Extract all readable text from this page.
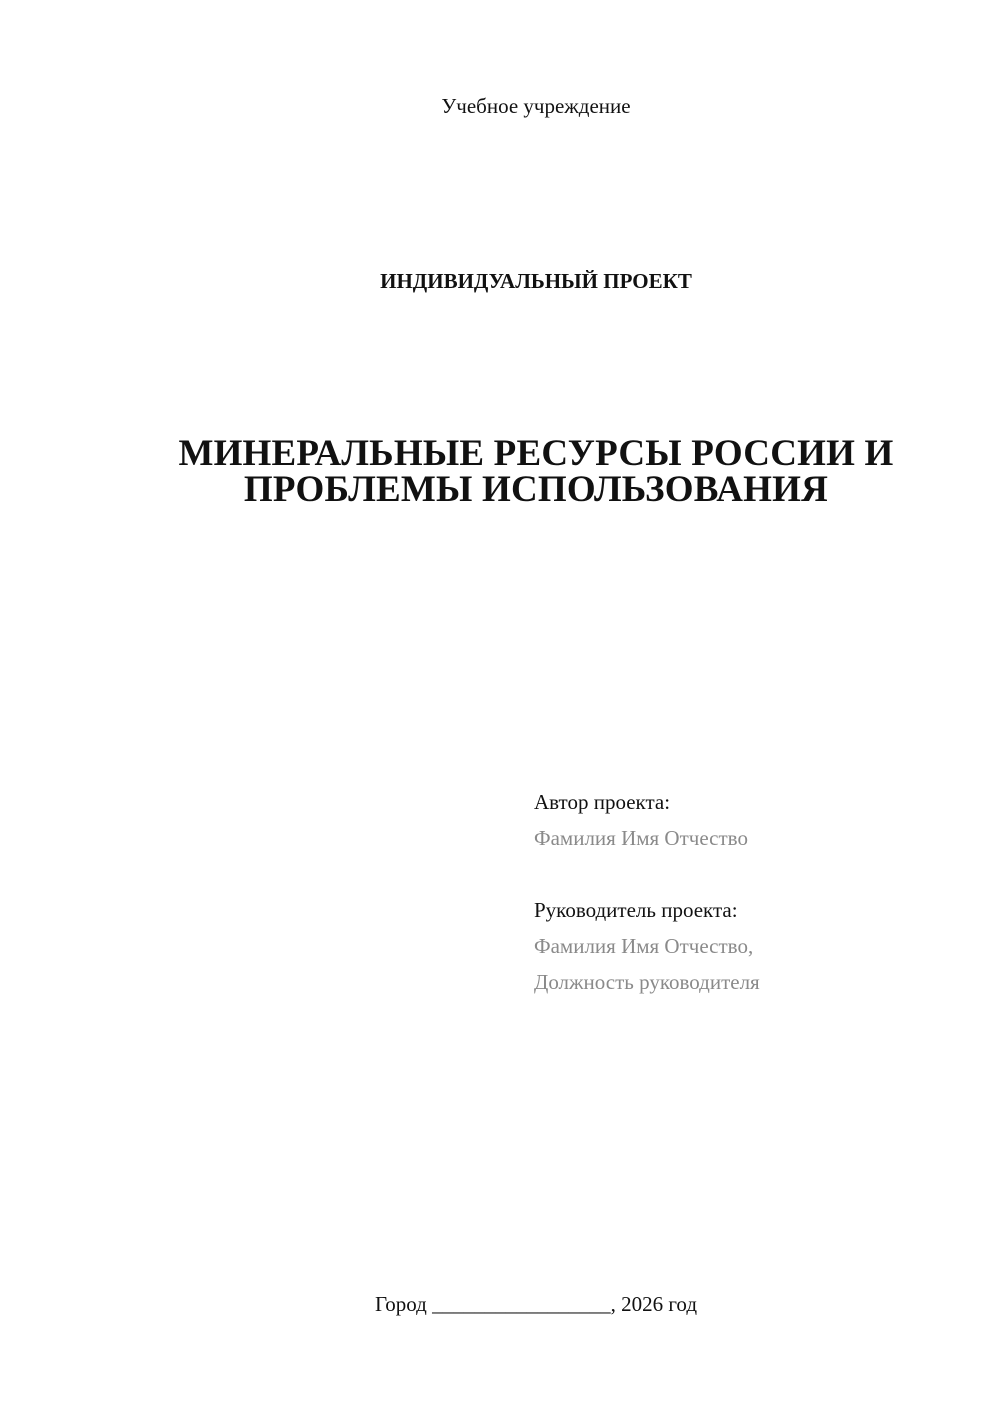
Учебное учреждение
ИНДИВИДУАЛЬНЫЙ ПРОЕКТ
МИНЕРАЛЬНЫЕ РЕСУРСЫ РОССИИ И
ПРОБЛЕМЫ ИСПОЛЬЗОВАНИЯ
Автор проекта:
Фамилия Имя Отчество
Руководитель проекта:
Фамилия Имя Отчество,
Должность руководителя
Город _________________, 2026 год
